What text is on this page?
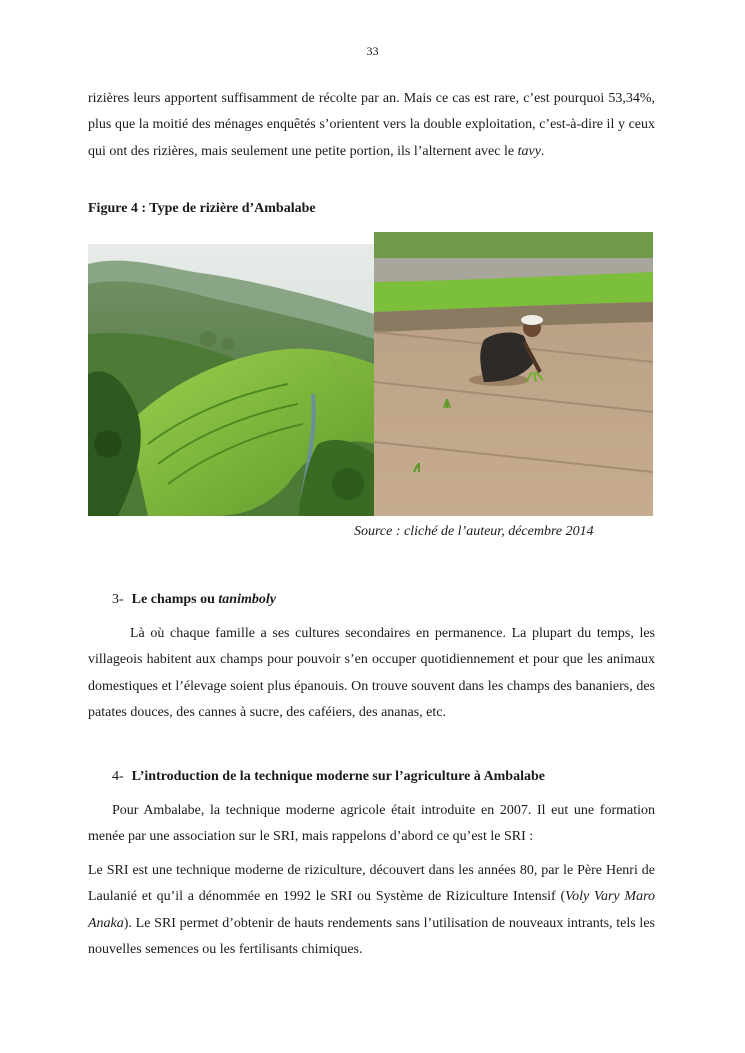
33

rizières leurs apportent suffisamment de récolte par an. Mais ce cas est rare, c’est pourquoi 53,34%, plus que la moitié des ménages enquêtés s’orientent vers la double exploitation, c’est-à-dire il y ceux qui ont des rizières, mais seulement une petite portion, ils l’alternent avec le tavy.

Figure 4 : Type de rizière d’Ambalabe

Source : cliché de l’auteur, décembre 2014

3- Le champs ou tanimboly

Là où chaque famille a ses cultures secondaires en permanence. La plupart du temps, les villageois habitent aux champs pour pouvoir s’en occuper quotidiennement et pour que les animaux domestiques et l’élevage soient plus épanouis. On trouve souvent dans les champs des bananiers, des patates douces, des cannes à sucre, des caféiers, des ananas, etc.

4- L’introduction de la technique moderne sur l’agriculture à Ambalabe

Pour Ambalabe, la technique moderne agricole était introduite en 2007. Il eut une formation menée par une association sur le SRI, mais rappelons d’abord ce qu’est le SRI :

Le SRI est une technique moderne de riziculture, découvert dans les années 80, par le Père Henri de Laulanié et qu’il a dénommée en 1992 le SRI ou Système de Riziculture Intensif (Voly Vary Maro Anaka). Le SRI permet d’obtenir de hauts rendements sans l’utilisation de nouveaux intrants, tels les nouvelles semences ou les fertilisants chimiques.
